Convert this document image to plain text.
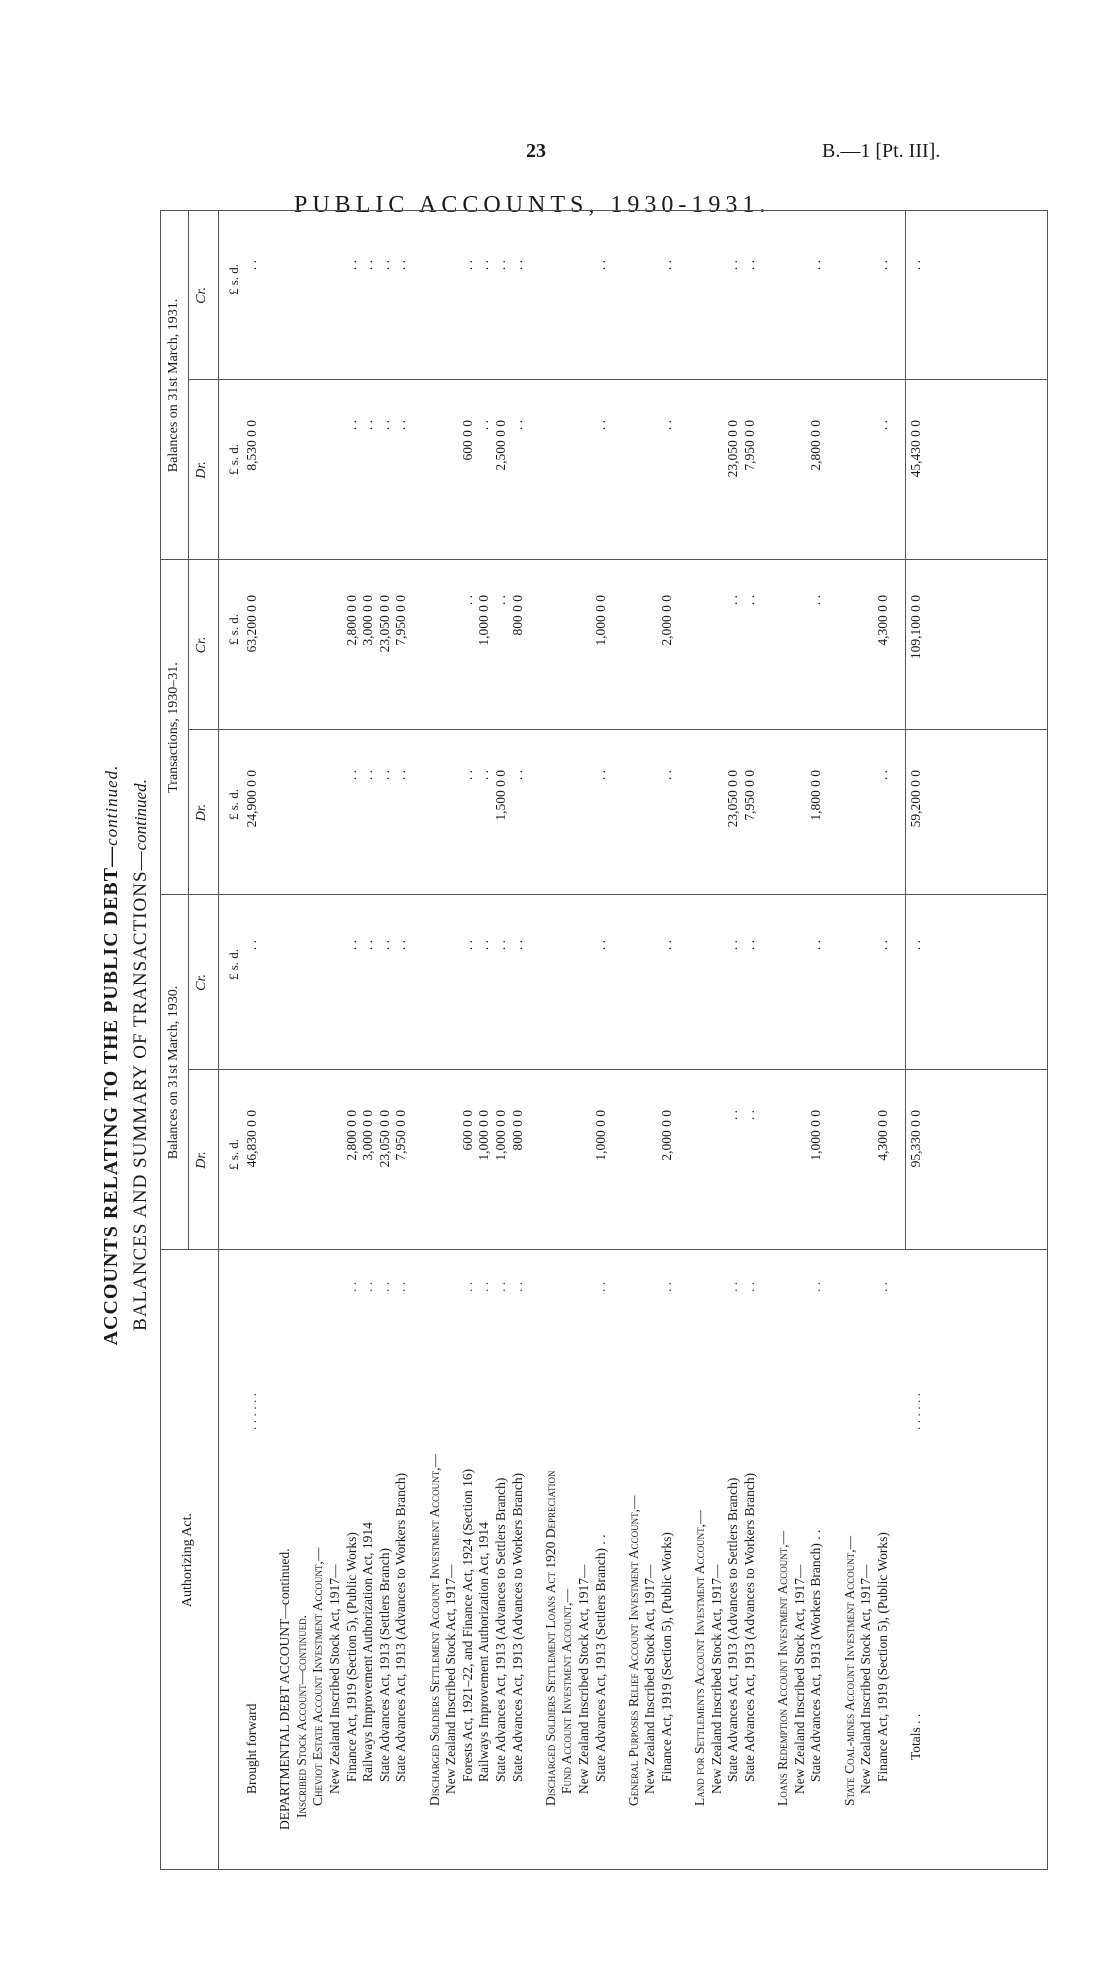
23	B.—1 [Pt. III].
PUBLIC ACCOUNTS, 1930-1931.
ACCOUNTS RELATING TO THE PUBLIC DEBT—continued.
BALANCES AND SUMMARY OF TRANSACTIONS—continued.
Authorizing Act.
Balances on 31st March, 1930.
Transactions, 1930–31.
Balances on 31st March, 1931.
Dr.
Cr.
Dr.
Cr.
Dr.
Cr.
£ s. d.
£ s. d.
£ s. d.
£ s. d.
£ s. d.
£ s. d.
Brought forward
. . . . . .
46,830 0 0
. .
24,900 0 0
63,200 0 0
8,530 0 0
. .
DEPARTMENTAL DEBT ACCOUNT—continued. Inscribed Stock Account—continued. Cheviot Estate Account Investment Account,— New Zealand Inscribed Stock Act, 1917— Finance Act, 1919 (Section 5), (Public Works)
. .
2,800 0 0
. .
. .
2,800 0 0
. .
. .
Railways Improvement Authorization Act, 1914
. .
3,000 0 0
. .
. .
3,000 0 0
. .
. .
State Advances Act, 1913 (Settlers Branch)
. .
23,050 0 0
. .
. .
23,050 0 0
. .
. .
State Advances Act, 1913 (Advances to Workers Branch)
. .
7,950 0 0
. .
. .
7,950 0 0
. .
. .
Discharged Soldiers Settlement Account Investment Account,— New Zealand Inscribed Stock Act, 1917— Forests Act, 1921–22, and Finance Act, 1924 (Section 16)
. .
600 0 0
. .
. .
. .
600 0 0
. .
Railways Improvement Authorization Act, 1914
. .
1,000 0 0
. .
. .
1,000 0 0
. .
. .
State Advances Act, 1913 (Advances to Settlers Branch)
. .
1,000 0 0
. .
1,500 0 0
. .
2,500 0 0
. .
State Advances Act, 1913 (Advances to Workers Branch)
. .
800 0 0
. .
. .
800 0 0
. .
. .
Discharged Soldiers Settlement Loans Act 1920 Depreciation Fund Account Investment Account,— New Zealand Inscribed Stock Act, 1917— State Advances Act, 1913 (Settlers Branch) . .
. .
1,000 0 0
. .
. .
1,000 0 0
. .
. .
General Purposes Relief Account Investment Account,— New Zealand Inscribed Stock Act, 1917— Finance Act, 1919 (Section 5), (Public Works)
. .
2,000 0 0
. .
. .
2,000 0 0
. .
. .
Land for Settlements Account Investment Account,— New Zealand Inscribed Stock Act, 1917— State Advances Act, 1913 (Advances to Settlers Branch)
. .
. .
. .
23,050 0 0
. .
23,050 0 0
. .
State Advances Act, 1913 (Advances to Workers Branch)
. .
. .
. .
7,950 0 0
. .
7,950 0 0
. .
Loans Redemption Account Investment Account,— New Zealand Inscribed Stock Act, 1917— State Advances Act, 1913 (Workers Branch) . .
. .
1,000 0 0
. .
1,800 0 0
. .
2,800 0 0
. .
State Coal-mines Account Investment Account,— New Zealand Inscribed Stock Act, 1917— Finance Act, 1919 (Section 5), (Public Works)
. .
4,300 0 0
. .
. .
4,300 0 0
. .
. .
Totals . .
. . . . . .
95,330 0 0
. .
59,200 0 0
109,100 0 0
45,430 0 0
. .
